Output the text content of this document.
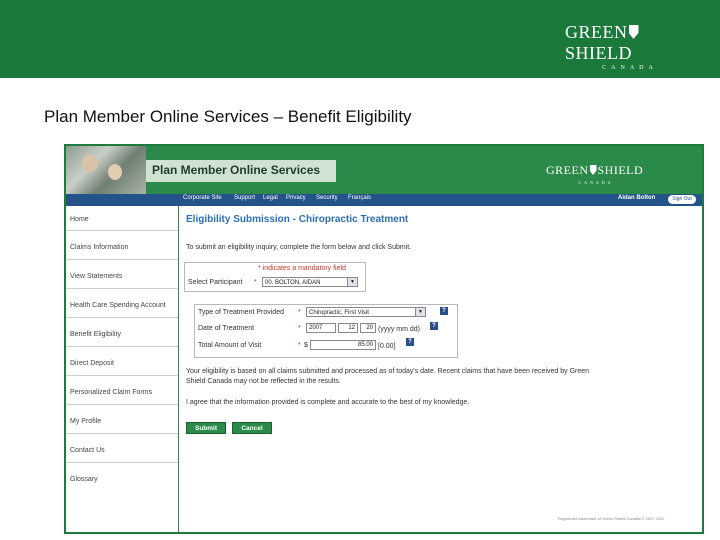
GREENSHIELD
CANADA
Plan Member Online Services – Benefit Eligibility
Plan Member Online Services	GREEN SHIELD
CANADA
Corporate Site Support Legal Privacy Security Français	Aidan Bolton	Sign Out
Home
Claims Information
View Statements
Health Care Spending Account
Benefit Eligibility
Direct Deposit
Personalized Claim Forms
My Profile
Contact Us
Glossary
Eligibility Submission - Chiropractic Treatment
To submit an eligibility inquiry, complete the form below and click Submit.
* indicates a mandatory field
Select Participant *	00. BOLTON, AIDAN	▼
Type of Treatment Provided *	Chiropractic, First Visit	▼	?
Date of Treatment	*	2007	12	20 (yyyy mm dd)	?
Total Amount of Visit	* $	85.00 [0.00]
?
Your eligibility is based on all claims submitted and processed as of today's date. Recent claims that have been received by Green
Shield Canada may not be reflected in the results.
I agree that the information provided is complete and accurate to the best of my knowledge.
Submit	Cancel
Registered trademark of Green Shield Canada © 2007 GSC
